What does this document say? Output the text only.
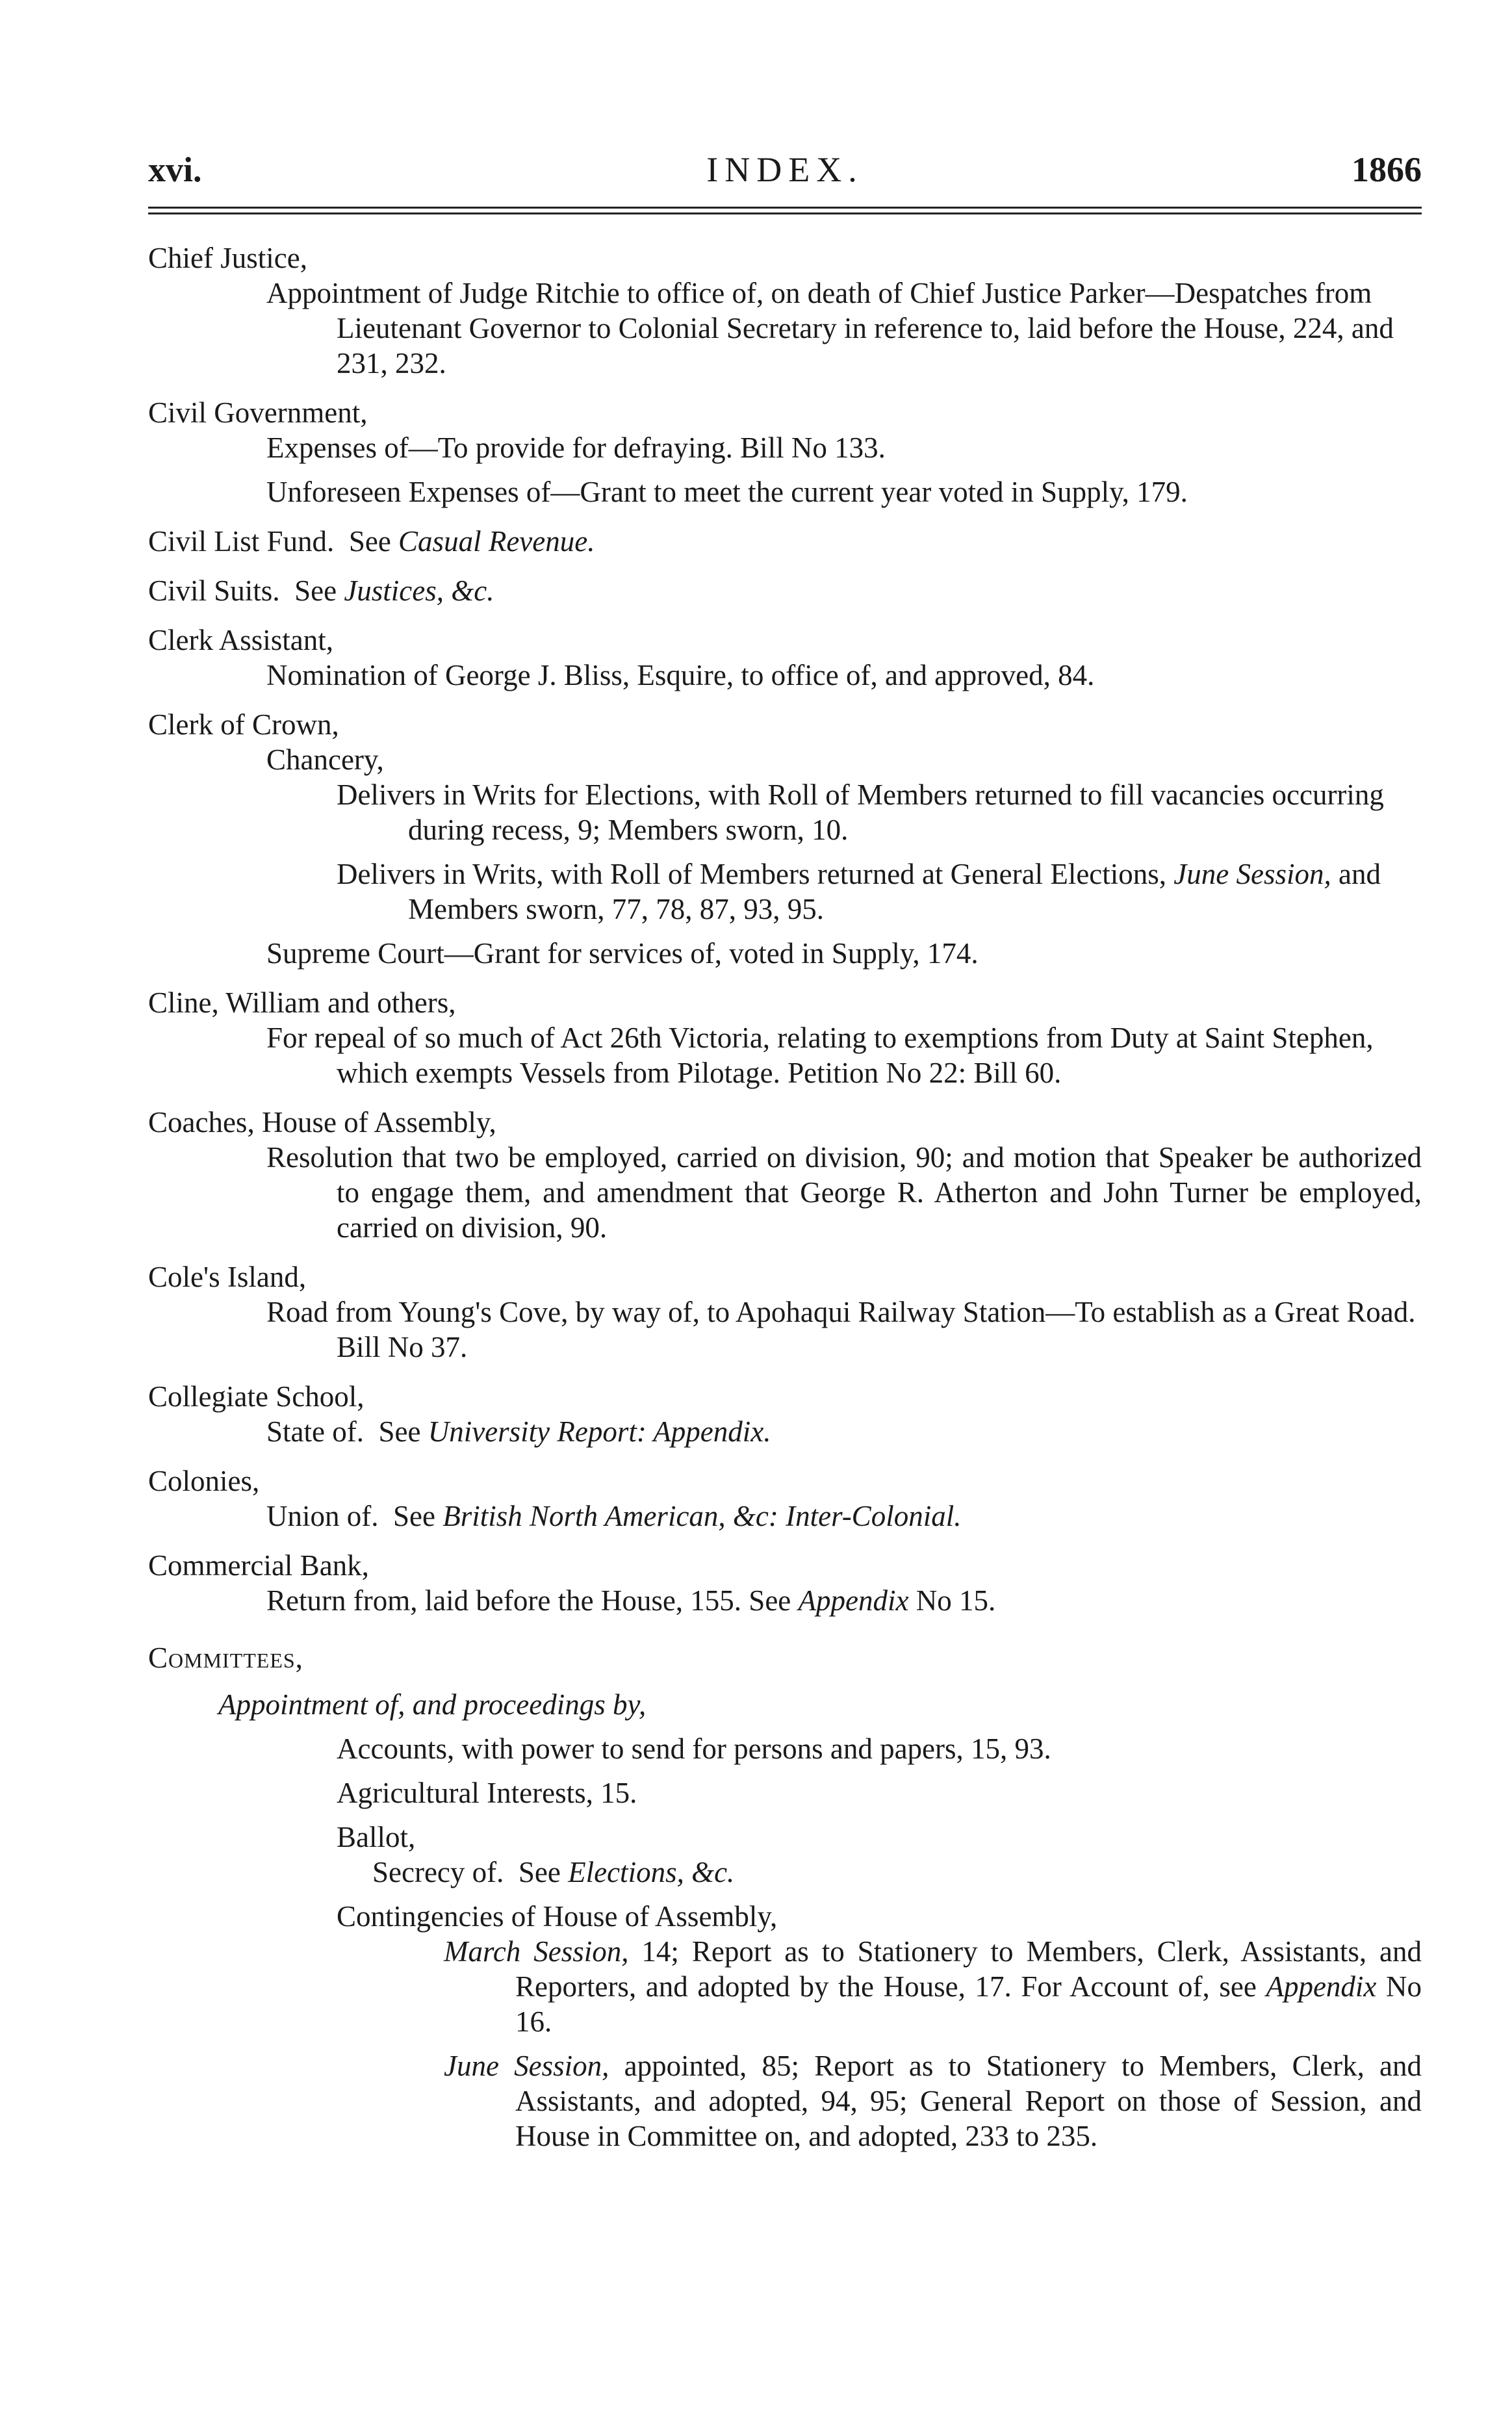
xvi.	INDEX.	1866
Chief Justice,
Appointment of Judge Ritchie to office of, on death of Chief Justice Parker—Despatches from Lieutenant Governor to Colonial Secretary in reference to, laid before the House, 224, and 231, 232.
Civil Government,
Expenses of—To provide for defraying. Bill No 133.
Unforeseen Expenses of—Grant to meet the current year voted in Supply, 179.
Civil List Fund. See Casual Revenue.
Civil Suits. See Justices, &c.
Clerk Assistant,
Nomination of George J. Bliss, Esquire, to office of, and approved, 84.
Clerk of Crown,
Chancery,
Delivers in Writs for Elections, with Roll of Members returned to fill vacancies occurring during recess, 9; Members sworn, 10.
Delivers in Writs, with Roll of Members returned at General Elections, June Session, and Members sworn, 77, 78, 87, 93, 95.
Supreme Court—Grant for services of, voted in Supply, 174.
Cline, William and others,
For repeal of so much of Act 26th Victoria, relating to exemptions from Duty at Saint Stephen, which exempts Vessels from Pilotage. Petition No 22: Bill 60.
Coaches, House of Assembly,
Resolution that two be employed, carried on division, 90; and motion that Speaker be authorized to engage them, and amendment that George R. Atherton and John Turner be employed, carried on division, 90.
Cole's Island,
Road from Young's Cove, by way of, to Apohaqui Railway Station—To establish as a Great Road. Bill No 37.
Collegiate School,
State of. See University Report: Appendix.
Colonies,
Union of. See British North American, &c: Inter-Colonial.
Commercial Bank,
Return from, laid before the House, 155. See Appendix No 15.
Committees,
Appointment of, and proceedings by,
Accounts, with power to send for persons and papers, 15, 93.
Agricultural Interests, 15.
Ballot,
Secrecy of. See Elections, &c.
Contingencies of House of Assembly,
March Session, 14; Report as to Stationery to Members, Clerk, Assistants, and Reporters, and adopted by the House, 17. For Account of, see Appendix No 16.
June Session, appointed, 85; Report as to Stationery to Members, Clerk, and Assistants, and adopted, 94, 95; General Report on those of Session, and House in Committee on, and adopted, 233 to 235.
